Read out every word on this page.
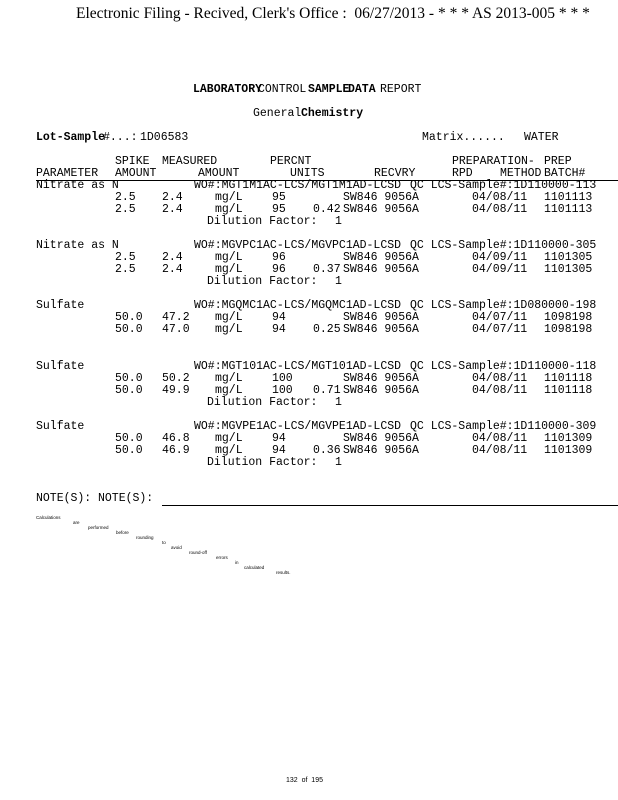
Electronic Filing - Recived, Clerk's Office :  06/27/2013 - * * * AS 2013-005 * * *
LABORATORY
CONTROL SAMPLE
DATA REPORT
General Chemistry
Lot-Sample
#...: 1D06583	Matrix...... WATER
SPIKE MEASURED	PERCNT	PREPARATION- PREP
PARAMETER AMOUNT	AMOUNT	UNITS	RECVRY	RPD METHOD BATCH#
Nitrate as N	WO#:MGT1M1AC-LCS/MGT1M1AD-LCSD QC LCS-Sample#:1D110000-113
2.5 2.4	mg/L	95	SW846 9056A	04/08/11 1101113
2.5 2.4	mg/L	95 0.42 SW846 9056A	04/08/11 1101113
Dilution Factor: 1
Nitrate as N	WO#:MGVPC1AC-LCS/MGVPC1AD-LCSD QC LCS-Sample#:1D110000-305
2.5 2.4	mg/L	96	SW846 9056A	04/09/11 1101305
2.5 2.4	mg/L	96 0.37 SW846 9056A	04/09/11 1101305
Dilution Factor: 1
Sulfate	WO#:MGQMC1AC-LCS/MGQMC1AD-LCSD QC LCS-Sample#:1D080000-198
50.0 47.2 mg/L	94	SW846 9056A	04/07/11 1098198
50.0 47.0 mg/L	94 0.25 SW846 9056A	04/07/11 1098198
Sulfate	WO#:MGT101AC-LCS/MGT101AD-LCSD QC LCS-Sample#:1D110000-118
50.0 50.2 mg/L	100	SW846 9056A	04/08/11 1101118
50.0 49.9 mg/L	100 0.71 SW846 9056A	04/08/11 1101118
Dilution Factor: 1
Sulfate	WO#:MGVPE1AC-LCS/MGVPE1AD-LCSD QC LCS-Sample#:1D110000-309
50.0 46.8 mg/L	94	SW846 9056A	04/08/11 1101309
50.0 46.9 mg/L	94 0.36 SW846 9056A	04/08/11 1101309
Dilution Factor: 1
NOTE(S): NOTE(S):

Calculations

are

performed

before

rounding

to

avoid

round-off

errors

in

calculated

results.

132  of  195
